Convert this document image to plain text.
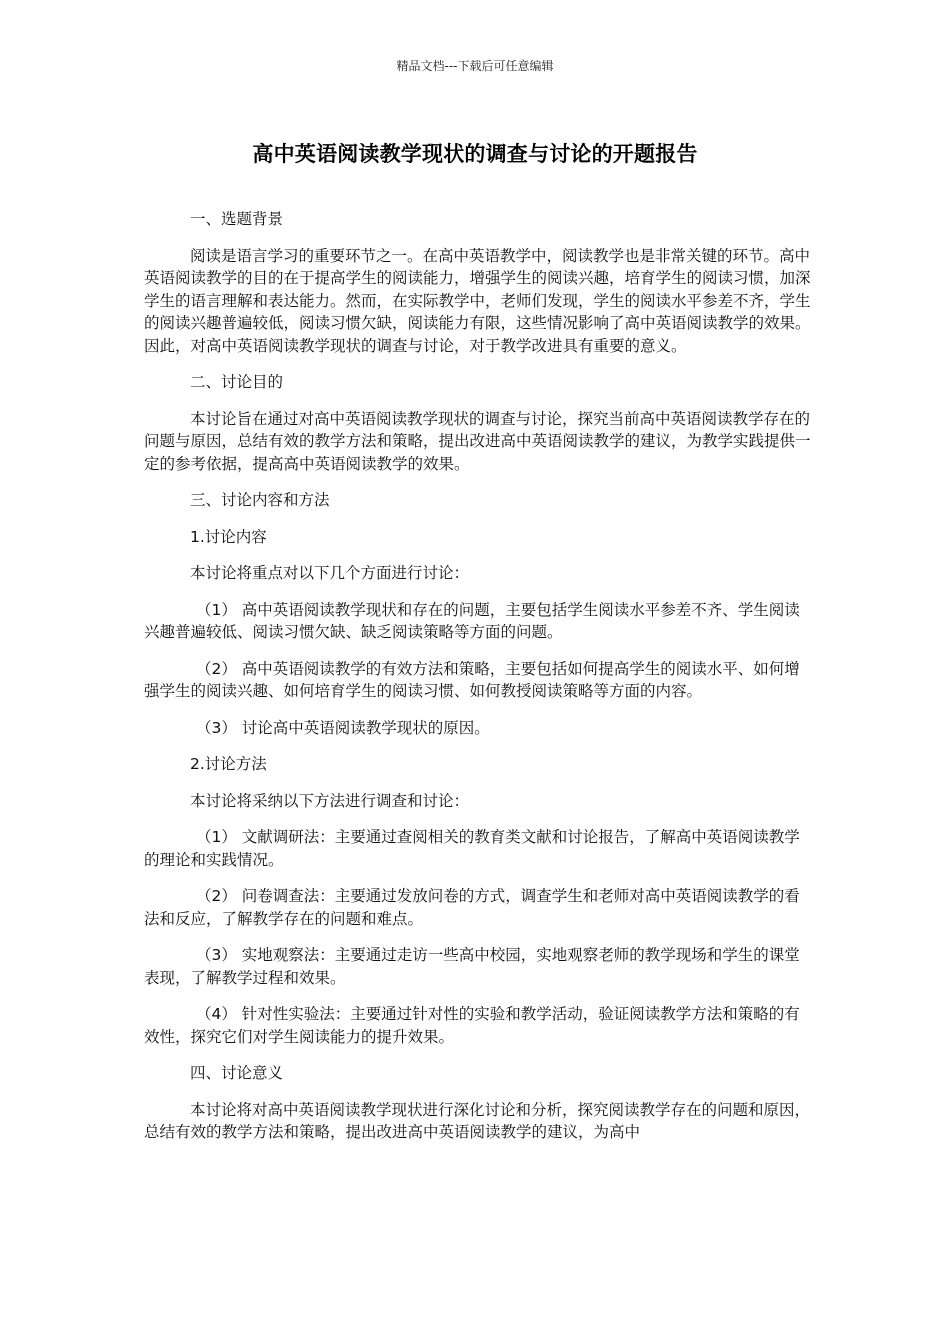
精品文档---下载后可任意编辑
高中英语阅读教学现状的调查与讨论的开题报告

一、选题背景

阅读是语言学习的重要环节之一。在高中英语教学中，阅读教学也是非常关键的环节。高中英语阅读教学的目的在于提高学生的阅读能力，增强学生的阅读兴趣，培育学生的阅读习惯，加深学生的语言理解和表达能力。然而，在实际教学中，老师们发现，学生的阅读水平参差不齐，学生的阅读兴趣普遍较低，阅读习惯欠缺，阅读能力有限，这些情况影响了高中英语阅读教学的效果。因此，对高中英语阅读教学现状的调查与讨论，对于教学改进具有重要的意义。

二、讨论目的

本讨论旨在通过对高中英语阅读教学现状的调查与讨论，探究当前高中英语阅读教学存在的问题与原因，总结有效的教学方法和策略，提出改进高中英语阅读教学的建议，为教学实践提供一定的参考依据，提高高中英语阅读教学的效果。

三、讨论内容和方法

1.讨论内容

本讨论将重点对以下几个方面进行讨论：

（1） 高中英语阅读教学现状和存在的问题，主要包括学生阅读水平参差不齐、学生阅读兴趣普遍较低、阅读习惯欠缺、缺乏阅读策略等方面的问题。

（2） 高中英语阅读教学的有效方法和策略，主要包括如何提高学生的阅读水平、如何增强学生的阅读兴趣、如何培育学生的阅读习惯、如何教授阅读策略等方面的内容。

（3） 讨论高中英语阅读教学现状的原因。

2.讨论方法

本讨论将采纳以下方法进行调查和讨论：

（1） 文献调研法：主要通过查阅相关的教育类文献和讨论报告，了解高中英语阅读教学的理论和实践情况。

（2） 问卷调查法：主要通过发放问卷的方式，调查学生和老师对高中英语阅读教学的看法和反应，了解教学存在的问题和难点。

（3） 实地观察法：主要通过走访一些高中校园，实地观察老师的教学现场和学生的课堂表现，了解教学过程和效果。

（4） 针对性实验法：主要通过针对性的实验和教学活动，验证阅读教学方法和策略的有效性，探究它们对学生阅读能力的提升效果。

四、讨论意义

本讨论将对高中英语阅读教学现状进行深化讨论和分析，探究阅读教学存在的问题和原因，总结有效的教学方法和策略，提出改进高中英语阅读教学的建议，为高中
